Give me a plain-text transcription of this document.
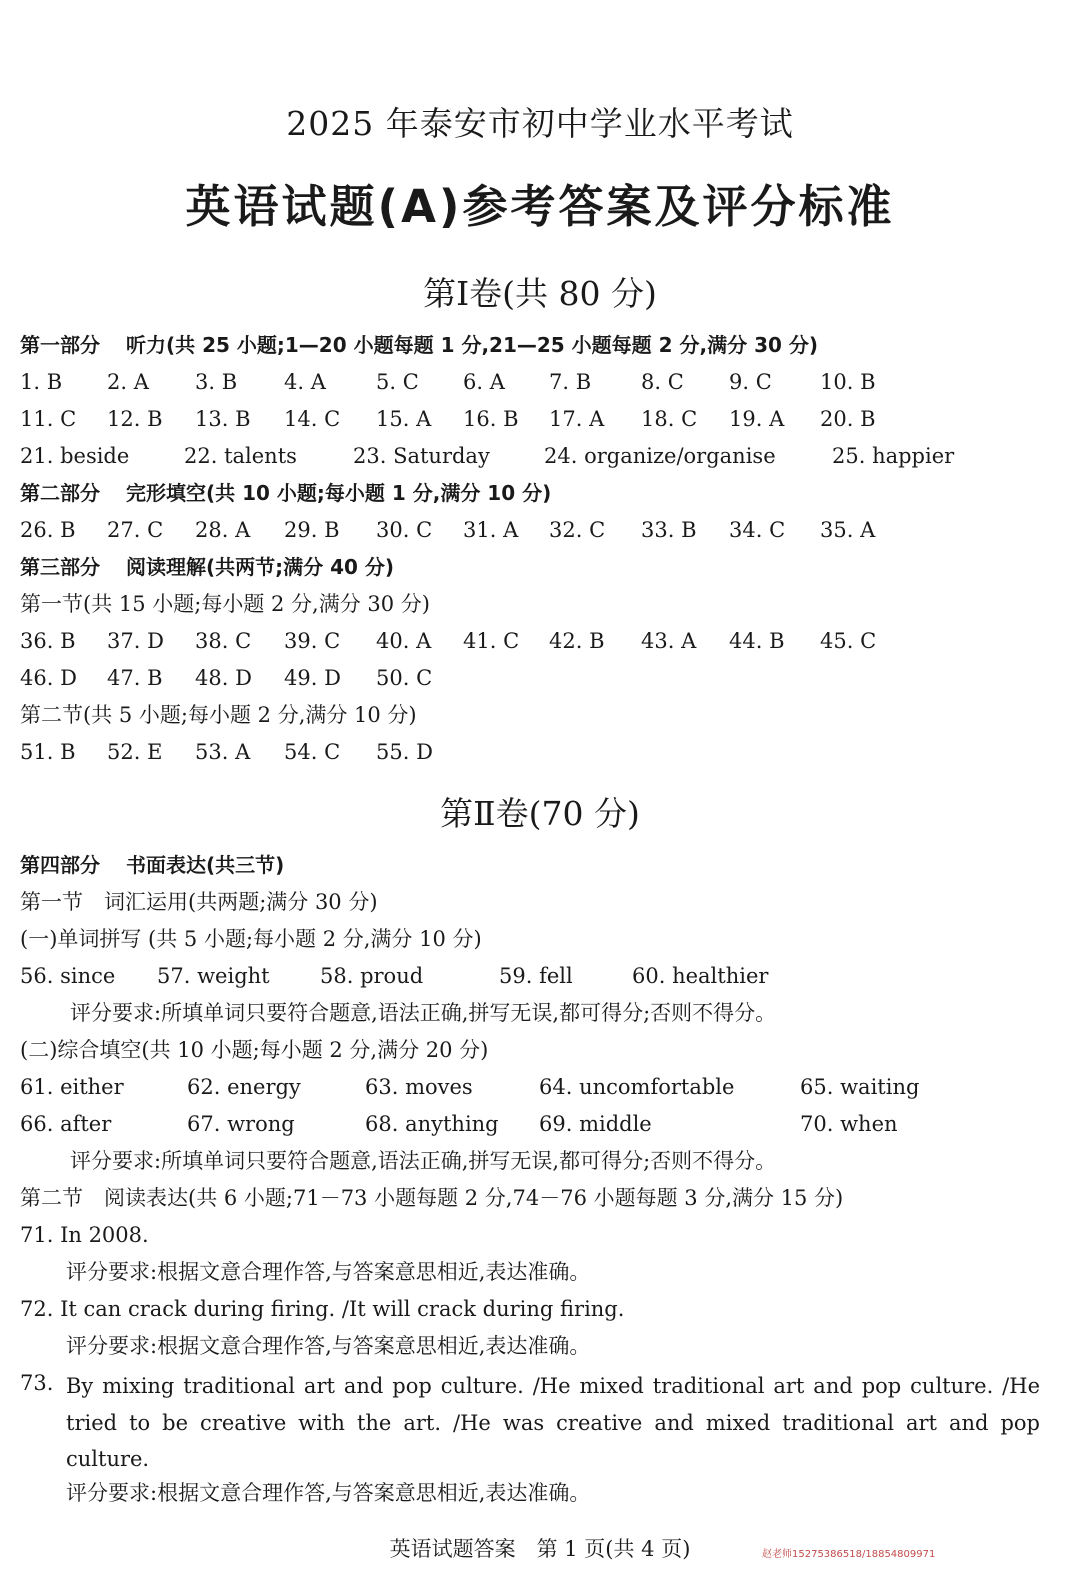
2025 年泰安市初中学业水平考试
英语试题(A)参考答案及评分标准
第Ⅰ卷(共 80 分)
第一部分 听力(共 25 小题;1—20 小题每题 1 分,21—25 小题每题 2 分,满分 30 分)
1. B 2. A 3. B 4. A 5. C 6. A 7. B 8. C 9. C 10. B
11. C 12. B 13. B 14. C 15. A 16. B 17. A 18. C 19. A 20. B
21. beside	22. talents	23. Saturday	24. organize/organise	25. happier
第二部分 完形填空(共 10 小题;每小题 1 分,满分 10 分)
26. B 27. C 28. A 29. B 30. C 31. A 32. C 33. B 34. C 35. A
第三部分 阅读理解(共两节;满分 40 分)
第一节(共 15 小题;每小题 2 分,满分 30 分)
36. B 37. D 38. C 39. C 40. A 41. C 42. B 43. A 44. B 45. C
46. D 47. B 48. D 49. D 50. C
第二节(共 5 小题;每小题 2 分,满分 10 分)
51. B 52. E 53. A 54. C 55. D
第Ⅱ卷(70 分)
第四部分 书面表达(共三节)
第一节　词汇运用(共两题;满分 30 分)
(一)单词拼写 (共 5 小题;每小题 2 分,满分 10 分)
56. since 57. weight 58. proud	59. fell	60. healthier
评分要求:所填单词只要符合题意,语法正确,拼写无误,都可得分;否则不得分。
(二)综合填空(共 10 小题;每小题 2 分,满分 20 分)
61. either	62. energy	63. moves	64. uncomfortable	65. waiting
66. after	67. wrong	68. anything 69. middle	70. when
评分要求:所填单词只要符合题意,语法正确,拼写无误,都可得分;否则不得分。
第二节　阅读表达(共 6 小题;71－73 小题每题 2 分,74－76 小题每题 3 分,满分 15 分)
71. In 2008.
评分要求:根据文意合理作答,与答案意思相近,表达准确。
72. It can crack during firing. /It will crack during firing.
评分要求:根据文意合理作答,与答案意思相近,表达准确。
73. By mixing traditional art and pop culture. /He mixed traditional art and pop culture. /He tried to be creative with the art. /He was creative and mixed traditional art and pop culture.
评分要求:根据文意合理作答,与答案意思相近,表达准确。
英语试题答案　第 1 页(共 4 页)	赵老师15275386518/18854809971
